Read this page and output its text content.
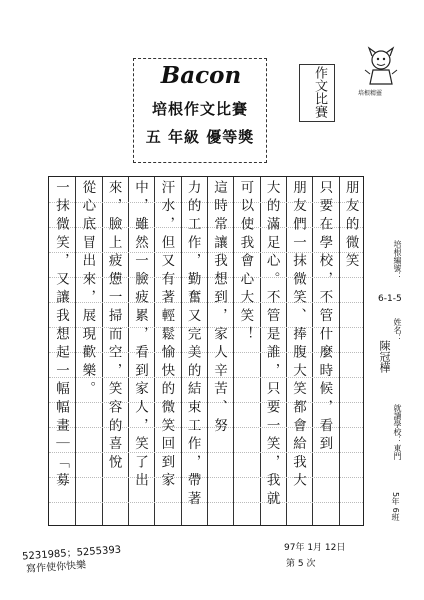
Bacon
培根作文比賽
五 年級 優等獎
作文比賽	培根精靈
朋友的微笑
只要在學校，不管什麼時候，看到
朋友們一抹微笑、捧腹大笑都會給我大
大的滿足心。不管是誰，只要一笑，我就
可以使我會心大笑！
這時常讓我想到，家人辛苦、努
力的工作，勤奮又完美的結束工作，帶著
汗水，但又有著輕鬆愉快的微笑回到家
中，雖然一臉疲累，看到家人，笑了出
來，臉上疲憊一掃而空，笑容的喜悅
從心底冒出來，展現歡樂。
一抹微笑，又讓我想起一幅幅畫｜「募	培根編號：
6-1-5
姓名：
陳冠樺
就讀學校：東門
5年 6班
5231985；5255393
寫作使你快樂
97年 1月 12日
第 5 次
